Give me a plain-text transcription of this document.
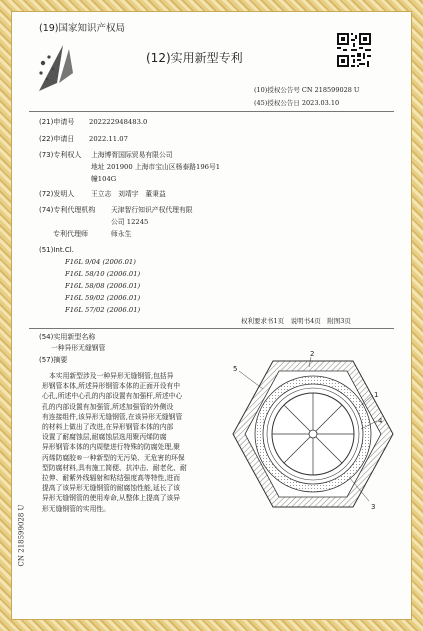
(19)国家知识产权局
(12)实用新型专利
(10)授权公告号 CN 218599028 U
(45)授权公告日 2023.03.10
(21)申请号 202222948483.0
(22)申请日 2022.11.07
(73)专利权人 上海博胥国际贸易有限公司
地址 201900 上海市宝山区杨泰路196号1
幢104G
(72)发明人 王立志　刘靖宇　董秉益
(74)专利代理机构 天津智行知识产权代理有限
公司 12245
专利代理师	师永生
(51)Int.Cl.
F16L 9/04 (2006.01)
F16L 58/10 (2006.01)
F16L 58/08 (2006.01)
F16L 59/02 (2006.01)
F16L 57/02 (2006.01)
权利要求书1页　说明书4页　附图3页
(54)实用新型名称
一种异形无缝钢管
(57)摘要
本实用新型涉及一种异形无缝钢管,包括异
形钢管本体,所述异形钢管本体的正面开设有中
心孔,所述中心孔的内部设置有加强杆,所述中心
孔的内部设置有加强管,所述加强管的外侧设
有连接组件,该异形无缝钢管,在该异形无缝钢管
的材料上做出了改进,在异形钢管本体的内部
设置了耐腐蚀层,耐腐蚀层选用聚丙烯防腐
异形钢管本体的内周壁进行特殊的防腐处理,聚
丙烯防腐胶®一种新型的无污染、无危害的环保
型防腐材料,具有施工简便、抗冲击、耐老化、耐
拉伸、耐紫外线辐射和粘结强度高等特性,进而
提高了该异形无缝钢管的耐腐蚀性能,延长了该
异形无缝钢管的使用寿命,从整体上提高了该异
形无缝钢管的实用性。
2
1
4
5
3
CN 218599028 U
